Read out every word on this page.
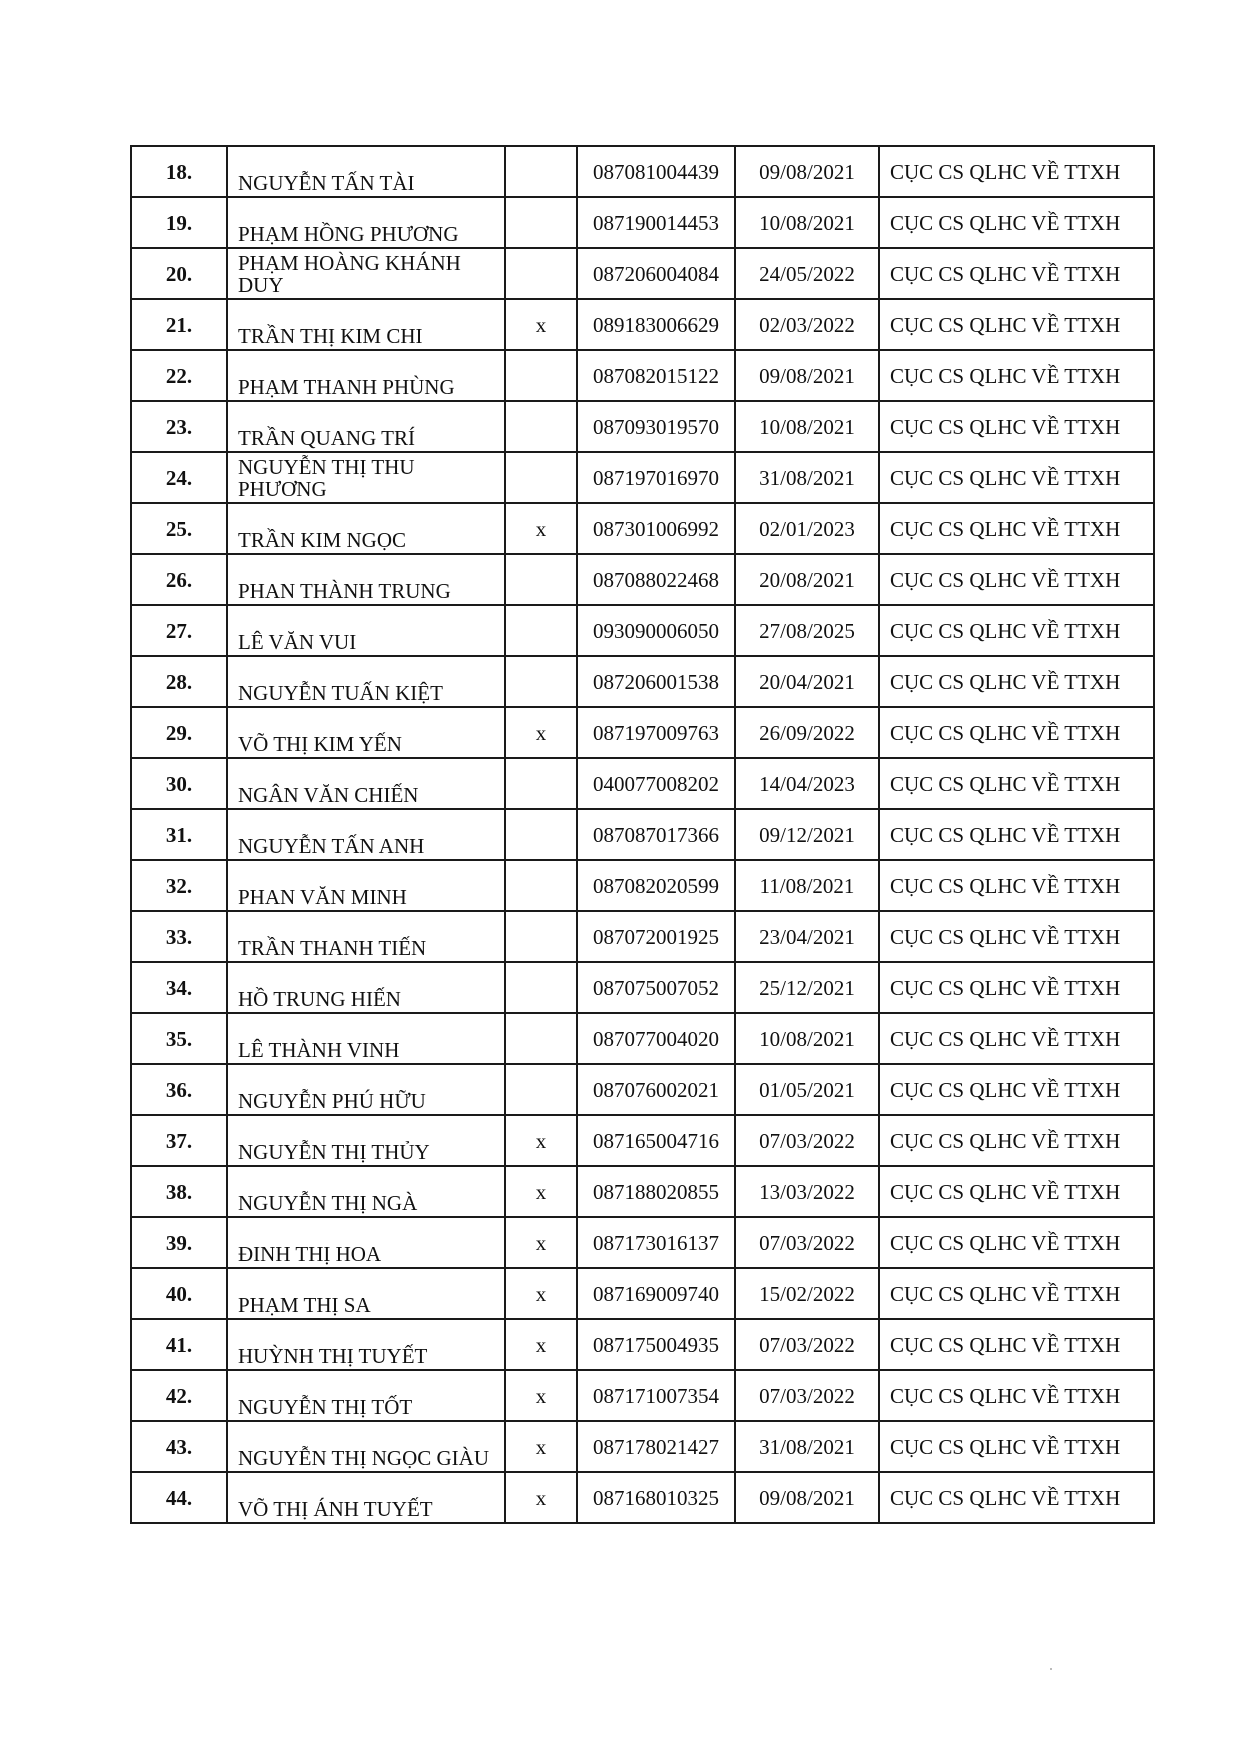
18.	NGUYỄN TẤN TÀI		087081004439	09/08/2021	CỤC CS QLHC VỀ TTXH
19.	PHẠM HỒNG PHƯƠNG		087190014453	10/08/2021	CỤC CS QLHC VỀ TTXH
20.	PHẠM HOÀNG KHÁNH DUY		087206004084	24/05/2022	CỤC CS QLHC VỀ TTXH
21.	TRẦN THỊ KIM CHI	x	089183006629	02/03/2022	CỤC CS QLHC VỀ TTXH
22.	PHẠM THANH PHÙNG		087082015122	09/08/2021	CỤC CS QLHC VỀ TTXH
23.	TRẦN QUANG TRÍ		087093019570	10/08/2021	CỤC CS QLHC VỀ TTXH
24.	NGUYỄN THỊ THU PHƯƠNG		087197016970	31/08/2021	CỤC CS QLHC VỀ TTXH
25.	TRẦN KIM NGỌC	x	087301006992	02/01/2023	CỤC CS QLHC VỀ TTXH
26.	PHAN THÀNH TRUNG		087088022468	20/08/2021	CỤC CS QLHC VỀ TTXH
27.	LÊ VĂN VUI		093090006050	27/08/2025	CỤC CS QLHC VỀ TTXH
28.	NGUYỄN TUẤN KIỆT		087206001538	20/04/2021	CỤC CS QLHC VỀ TTXH
29.	VÕ THỊ KIM YẾN	x	087197009763	26/09/2022	CỤC CS QLHC VỀ TTXH
30.	NGÂN VĂN CHIẾN		040077008202	14/04/2023	CỤC CS QLHC VỀ TTXH
31.	NGUYỄN TẤN ANH		087087017366	09/12/2021	CỤC CS QLHC VỀ TTXH
32.	PHAN VĂN MINH		087082020599	11/08/2021	CỤC CS QLHC VỀ TTXH
33.	TRẦN THANH TIẾN		087072001925	23/04/2021	CỤC CS QLHC VỀ TTXH
34.	HỒ TRUNG HIẾN		087075007052	25/12/2021	CỤC CS QLHC VỀ TTXH
35.	LÊ THÀNH VINH		087077004020	10/08/2021	CỤC CS QLHC VỀ TTXH
36.	NGUYỄN PHÚ HỮU		087076002021	01/05/2021	CỤC CS QLHC VỀ TTXH
37.	NGUYỄN THỊ THỦY	x	087165004716	07/03/2022	CỤC CS QLHC VỀ TTXH
38.	NGUYỄN THỊ NGÀ	x	087188020855	13/03/2022	CỤC CS QLHC VỀ TTXH
39.	ĐINH THỊ HOA	x	087173016137	07/03/2022	CỤC CS QLHC VỀ TTXH
40.	PHẠM THỊ SA	x	087169009740	15/02/2022	CỤC CS QLHC VỀ TTXH
41.	HUỲNH THỊ TUYẾT	x	087175004935	07/03/2022	CỤC CS QLHC VỀ TTXH
42.	NGUYỄN THỊ TỐT	x	087171007354	07/03/2022	CỤC CS QLHC VỀ TTXH
43.	NGUYỄN THỊ NGỌC GIÀU	x	087178021427	31/08/2021	CỤC CS QLHC VỀ TTXH
44.	VÕ THỊ ÁNH TUYẾT	x	087168010325	09/08/2021	CỤC CS QLHC VỀ TTXH
